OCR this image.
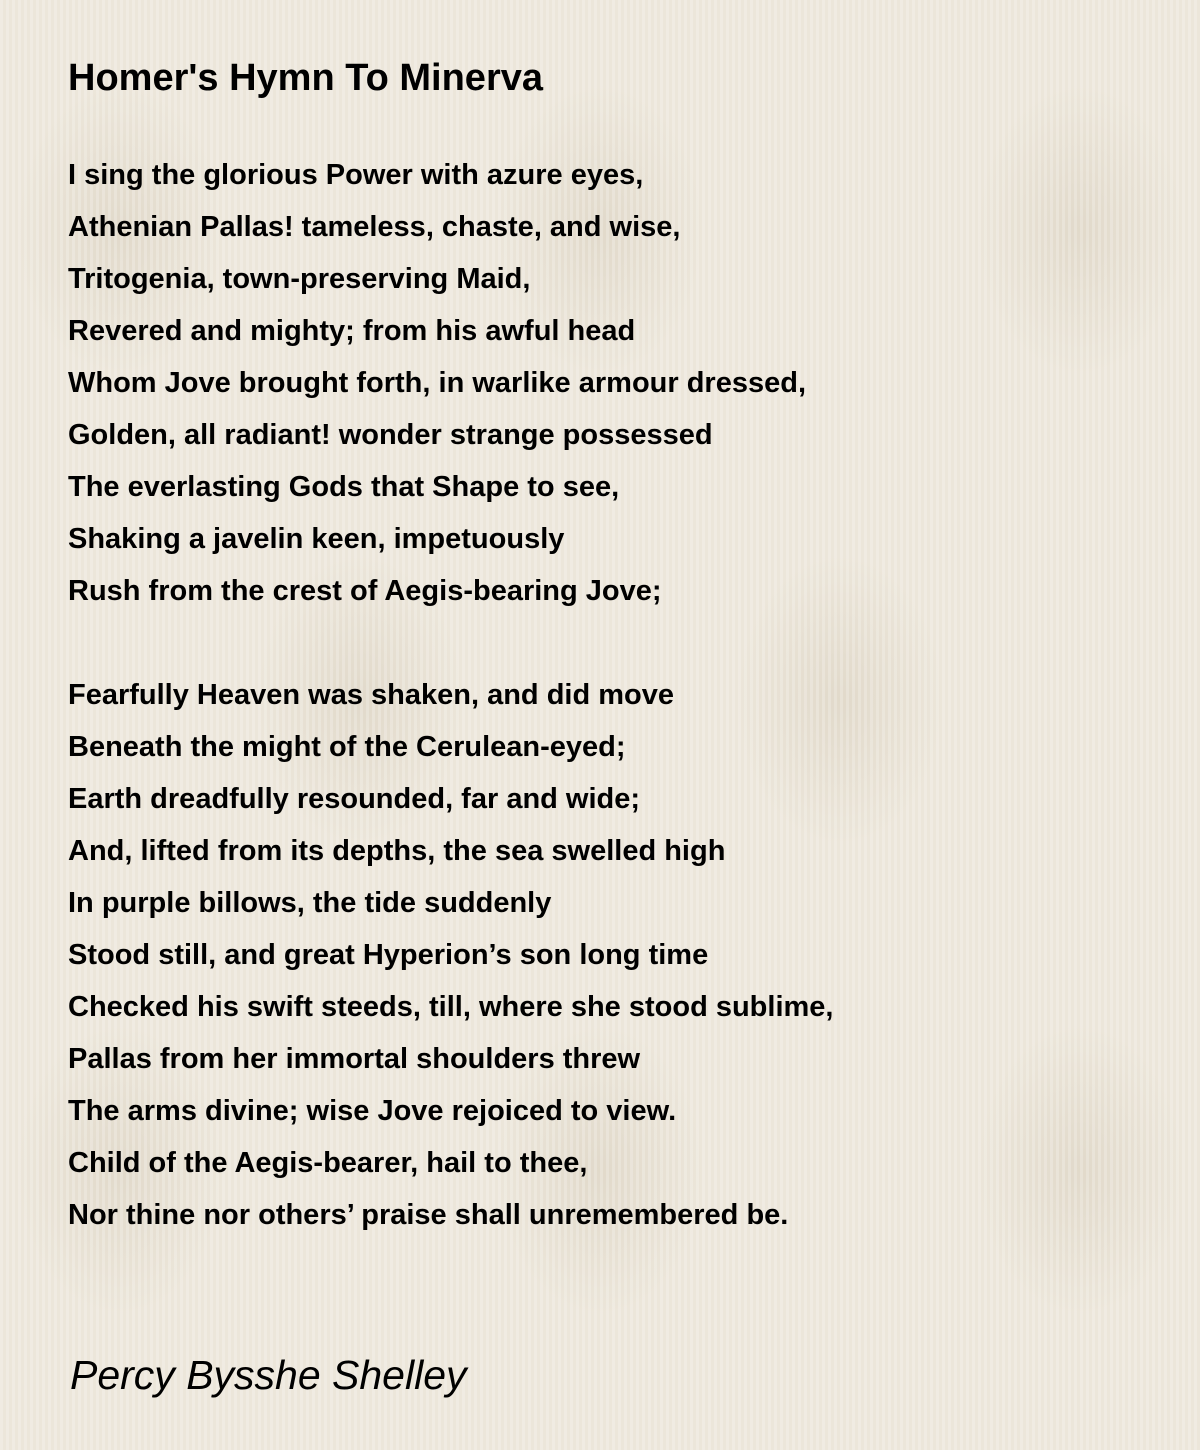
Homer's Hymn To Minerva
I sing the glorious Power with azure eyes,
Athenian Pallas! tameless, chaste, and wise,
Tritogenia, town-preserving Maid,
Revered and mighty; from his awful head
Whom Jove brought forth, in warlike armour dressed,
Golden, all radiant! wonder strange possessed
The everlasting Gods that Shape to see,
Shaking a javelin keen, impetuously
Rush from the crest of Aegis-bearing Jove;
Fearfully Heaven was shaken, and did move
Beneath the might of the Cerulean-eyed;
Earth dreadfully resounded, far and wide;
And, lifted from its depths, the sea swelled high
In purple billows, the tide suddenly
Stood still, and great Hyperion’s son long time
Checked his swift steeds, till, where she stood sublime,
Pallas from her immortal shoulders threw
The arms divine; wise Jove rejoiced to view.
Child of the Aegis-bearer, hail to thee,
Nor thine nor others’ praise shall unremembered be.

Percy Bysshe Shelley
